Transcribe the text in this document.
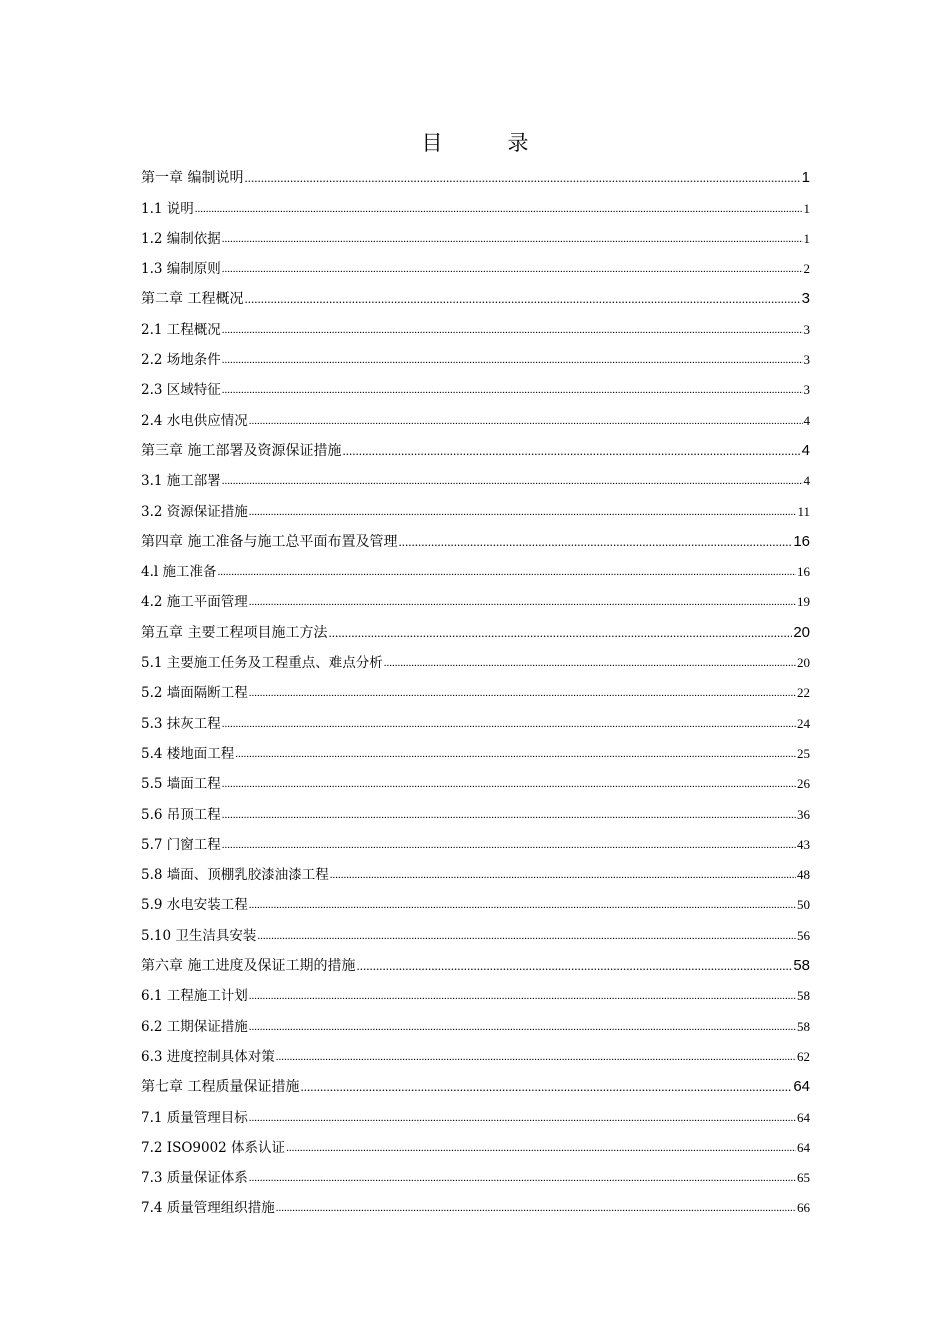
目　录
第一章 编制说明 .....	1
1.1 说明 .....	1
1.2 编制依据 .....	1
1.3 编制原则 .....	2
第二章 工程概况 .....	3
2.1 工程概况 .....	3
2.2 场地条件 .....	3
2.3 区域特征 .....	3
2.4 水电供应情况 .....	4
第三章 施工部署及资源保证措施 .....	4
3.1 施工部署 .....	4
3.2 资源保证措施 .....	11
第四章 施工准备与施工总平面布置及管理 .....	16
4.l 施工准备 .....	16
4.2 施工平面管理 .....	19
第五章 主要工程项目施工方法 .....	20
5.1 主要施工任务及工程重点、难点分析 .....	20
5.2 墙面隔断工程 .....	22
5.3 抹灰工程 .....	24
5.4 楼地面工程 .....	25
5.5 墙面工程 .....	26
5.6 吊顶工程 .....	36
5.7 门窗工程 .....	43
5.8 墙面、顶棚乳胶漆油漆工程 .....	48
5.9 水电安装工程 .....	50
5.10 卫生洁具安装 .....	56
第六章 施工进度及保证工期的措施 .....	58
6.1 工程施工计划 .....	58
6.2 工期保证措施 .....	58
6.3 进度控制具体对策 .....	62
第七章 工程质量保证措施 .....	64
7.1 质量管理目标 .....	64
7.2 ISO9002 体系认证 .....	64
7.3 质量保证体系 .....	65
7.4 质量管理组织措施 .....	66
